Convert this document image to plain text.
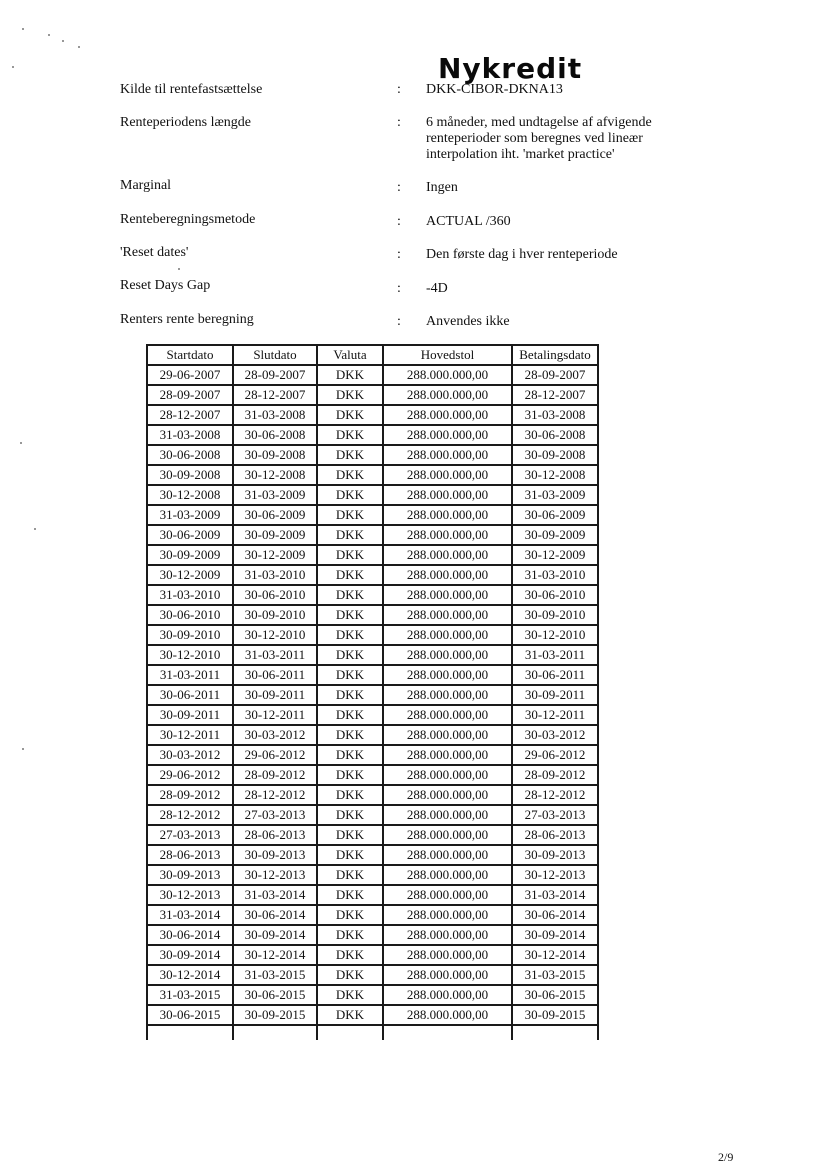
Nykredit
Kilde til rentefastsættelse	: DKK-CIBOR-DKNA13
Renteperiodens længde	: 6 måneder, med undtagelse af afvigende
renteperioder som beregnes ved lineær
interpolation iht. 'market practice'
Marginal	: Ingen
Renteberegningsmetode	: ACTUAL /360
'Reset dates'	: Den første dag i hver renteperiode
Reset Days Gap	: -4D
Renters rente beregning	: Anvendes ikke
Startdato	Slutdato	Valuta	Hovedstol	Betalingsdato
29-06-2007	28-09-2007	DKK	288.000.000,00	28-09-2007
28-09-2007	28-12-2007	DKK	288.000.000,00	28-12-2007
28-12-2007	31-03-2008	DKK	288.000.000,00	31-03-2008
31-03-2008	30-06-2008	DKK	288.000.000,00	30-06-2008
30-06-2008	30-09-2008	DKK	288.000.000,00	30-09-2008
30-09-2008	30-12-2008	DKK	288.000.000,00	30-12-2008
30-12-2008	31-03-2009	DKK	288.000.000,00	31-03-2009
31-03-2009	30-06-2009	DKK	288.000.000,00	30-06-2009
30-06-2009	30-09-2009	DKK	288.000.000,00	30-09-2009
30-09-2009	30-12-2009	DKK	288.000.000,00	30-12-2009
30-12-2009	31-03-2010	DKK	288.000.000,00	31-03-2010
31-03-2010	30-06-2010	DKK	288.000.000,00	30-06-2010
30-06-2010	30-09-2010	DKK	288.000.000,00	30-09-2010
30-09-2010	30-12-2010	DKK	288.000.000,00	30-12-2010
30-12-2010	31-03-2011	DKK	288.000.000,00	31-03-2011
31-03-2011	30-06-2011	DKK	288.000.000,00	30-06-2011
30-06-2011	30-09-2011	DKK	288.000.000,00	30-09-2011
30-09-2011	30-12-2011	DKK	288.000.000,00	30-12-2011
30-12-2011	30-03-2012	DKK	288.000.000,00	30-03-2012
30-03-2012	29-06-2012	DKK	288.000.000,00	29-06-2012
29-06-2012	28-09-2012	DKK	288.000.000,00	28-09-2012
28-09-2012	28-12-2012	DKK	288.000.000,00	28-12-2012
28-12-2012	27-03-2013	DKK	288.000.000,00	27-03-2013
27-03-2013	28-06-2013	DKK	288.000.000,00	28-06-2013
28-06-2013	30-09-2013	DKK	288.000.000,00	30-09-2013
30-09-2013	30-12-2013	DKK	288.000.000,00	30-12-2013
30-12-2013	31-03-2014	DKK	288.000.000,00	31-03-2014
31-03-2014	30-06-2014	DKK	288.000.000,00	30-06-2014
30-06-2014	30-09-2014	DKK	288.000.000,00	30-09-2014
30-09-2014	30-12-2014	DKK	288.000.000,00	30-12-2014
30-12-2014	31-03-2015	DKK	288.000.000,00	31-03-2015
31-03-2015	30-06-2015	DKK	288.000.000,00	30-06-2015
30-06-2015	30-09-2015	DKK	288.000.000,00	30-09-2015

2/9
